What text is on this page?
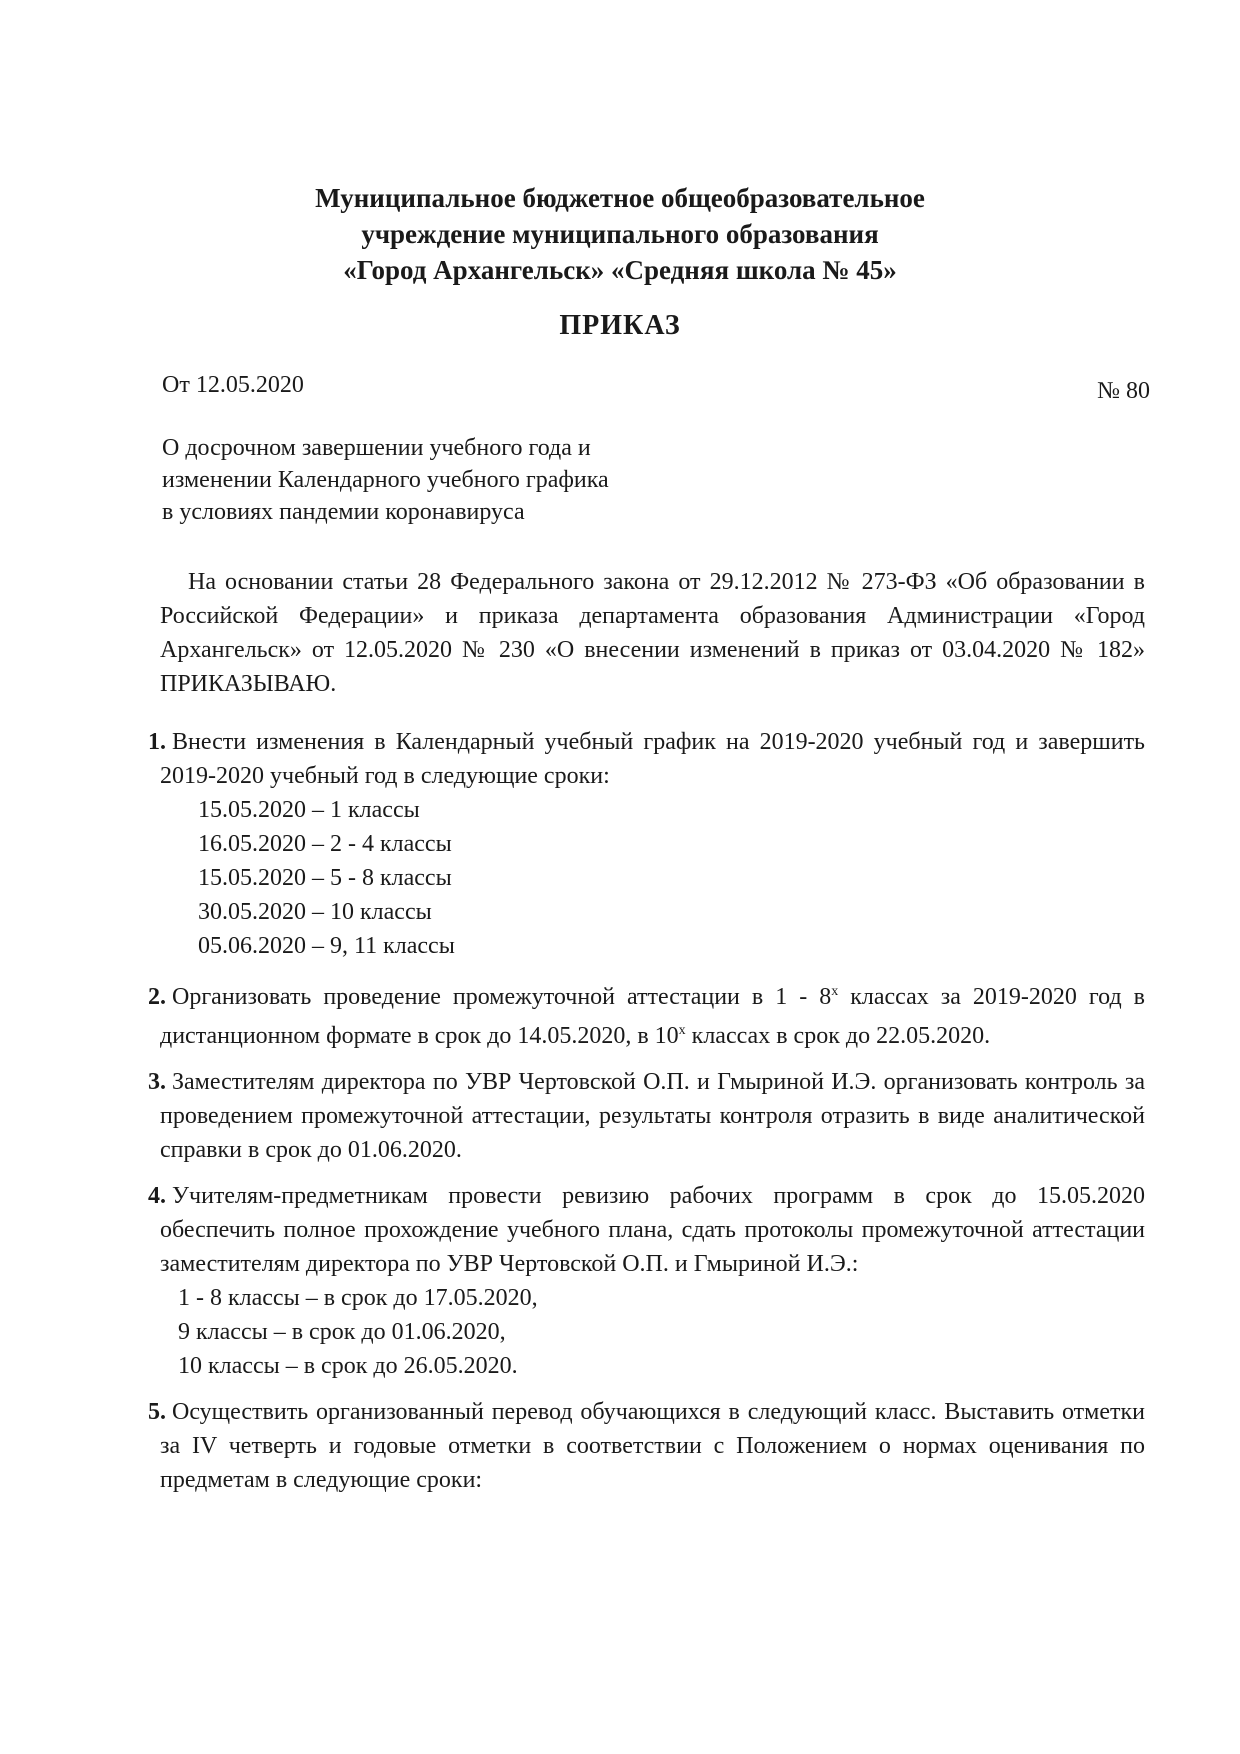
Муниципальное бюджетное общеобразовательное
учреждение муниципального образования
«Город Архангельск» «Средняя школа № 45»
ПРИКАЗ
От 12.05.2020	№ 80
О досрочном завершении учебного года и
изменении Календарного учебного графика
в условиях пандемии коронавируса

На основании статьи 28 Федерального закона от 29.12.2012 № 273-ФЗ «Об образовании в Российской Федерации» и приказа департамента образования Администрации «Город Архангельск» от 12.05.2020 № 230 «О внесении изменений в приказ от 03.04.2020 № 182» ПРИКАЗЫВАЮ.

1. Внести изменения в Календарный учебный график на 2019-2020 учебный год и завершить 2019-2020 учебный год в следующие сроки:
15.05.2020 – 1 классы
16.05.2020 – 2 - 4 классы
15.05.2020 – 5 - 8 классы
30.05.2020 – 10 классы
05.06.2020 – 9, 11 классы
2. Организовать проведение промежуточной аттестации в $1 - 8^х$ классах за 2019-2020 год в дистанционном формате в срок до 14.05.2020, в $10^х$ классах в срок до 22.05.2020.
3. Заместителям директора по УВР Чертовской О.П. и Гмыриной И.Э. организовать контроль за проведением промежуточной аттестации, результаты контроля отразить в виде аналитической справки в срок до 01.06.2020.
4. Учителям-предметникам провести ревизию рабочих программ в срок до 15.05.2020 обеспечить полное прохождение учебного плана, сдать протоколы промежуточной аттестации заместителям директора по УВР Чертовской О.П. и Гмыриной И.Э.:
1 - 8 классы – в срок до 17.05.2020,
9 классы – в срок до 01.06.2020,
10 классы – в срок до 26.05.2020.
5. Осуществить организованный перевод обучающихся в следующий класс. Выставить отметки за IV четверть и годовые отметки в соответствии с Положением о нормах оценивания по предметам в следующие сроки:
